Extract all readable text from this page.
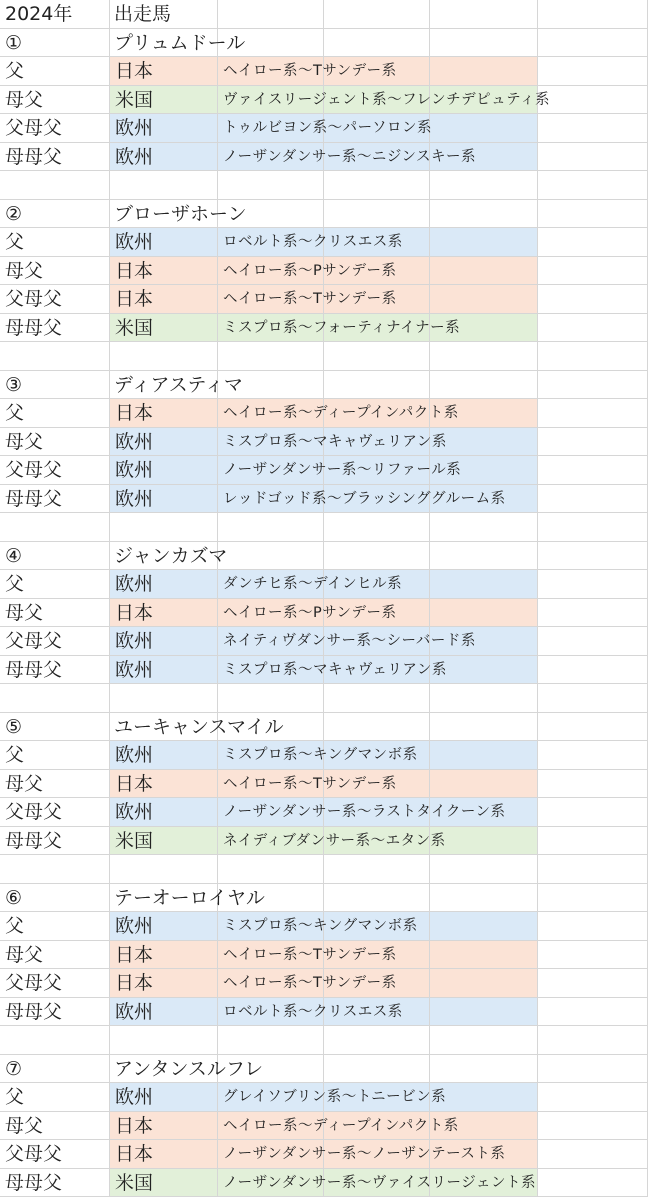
2024年 出走馬
①	プリュムドール
父	日本	ヘイロー系～Tサンデー系
母父	米国	ヴァイスリージェント系～フレンチデピュティ系
父母父	欧州	トゥルビヨン系～パーソロン系
母母父	欧州	ノーザンダンサー系～ニジンスキー系
②	ブローザホーン
父	欧州	ロベルト系～クリスエス系
母父	日本	ヘイロー系～Pサンデー系
父母父	日本	ヘイロー系～Tサンデー系
母母父	米国	ミスプロ系～フォーティナイナー系
③	ディアスティマ
父	日本	ヘイロー系～ディープインパクト系
母父	欧州	ミスプロ系～マキャヴェリアン系
父母父	欧州	ノーザンダンサー系～リファール系
母母父	欧州	レッドゴッド系～ブラッシンググルーム系
④	ジャンカズマ
父	欧州	ダンチヒ系～デインヒル系
母父	日本	ヘイロー系～Pサンデー系
父母父	欧州	ネイティヴダンサー系～シーバード系
母母父	欧州	ミスプロ系～マキャヴェリアン系
⑤	ユーキャンスマイル
父	欧州	ミスプロ系～キングマンボ系
母父	日本	ヘイロー系～Tサンデー系
父母父	欧州	ノーザンダンサー系～ラストタイクーン系
母母父	米国	ネイディブダンサー系～エタン系
⑥	テーオーロイヤル
父	欧州	ミスプロ系～キングマンボ系
母父	日本	ヘイロー系～Tサンデー系
父母父	日本	ヘイロー系～Tサンデー系
母母父	欧州	ロベルト系～クリスエス系
⑦	アンタンスルフレ
父	欧州	グレイソブリン系～トニービン系
母父	日本	ヘイロー系～ディープインパクト系
父母父	日本	ノーザンダンサー系～ノーザンテースト系
母母父	米国	ノーザンダンサー系～ヴァイスリージェント系
